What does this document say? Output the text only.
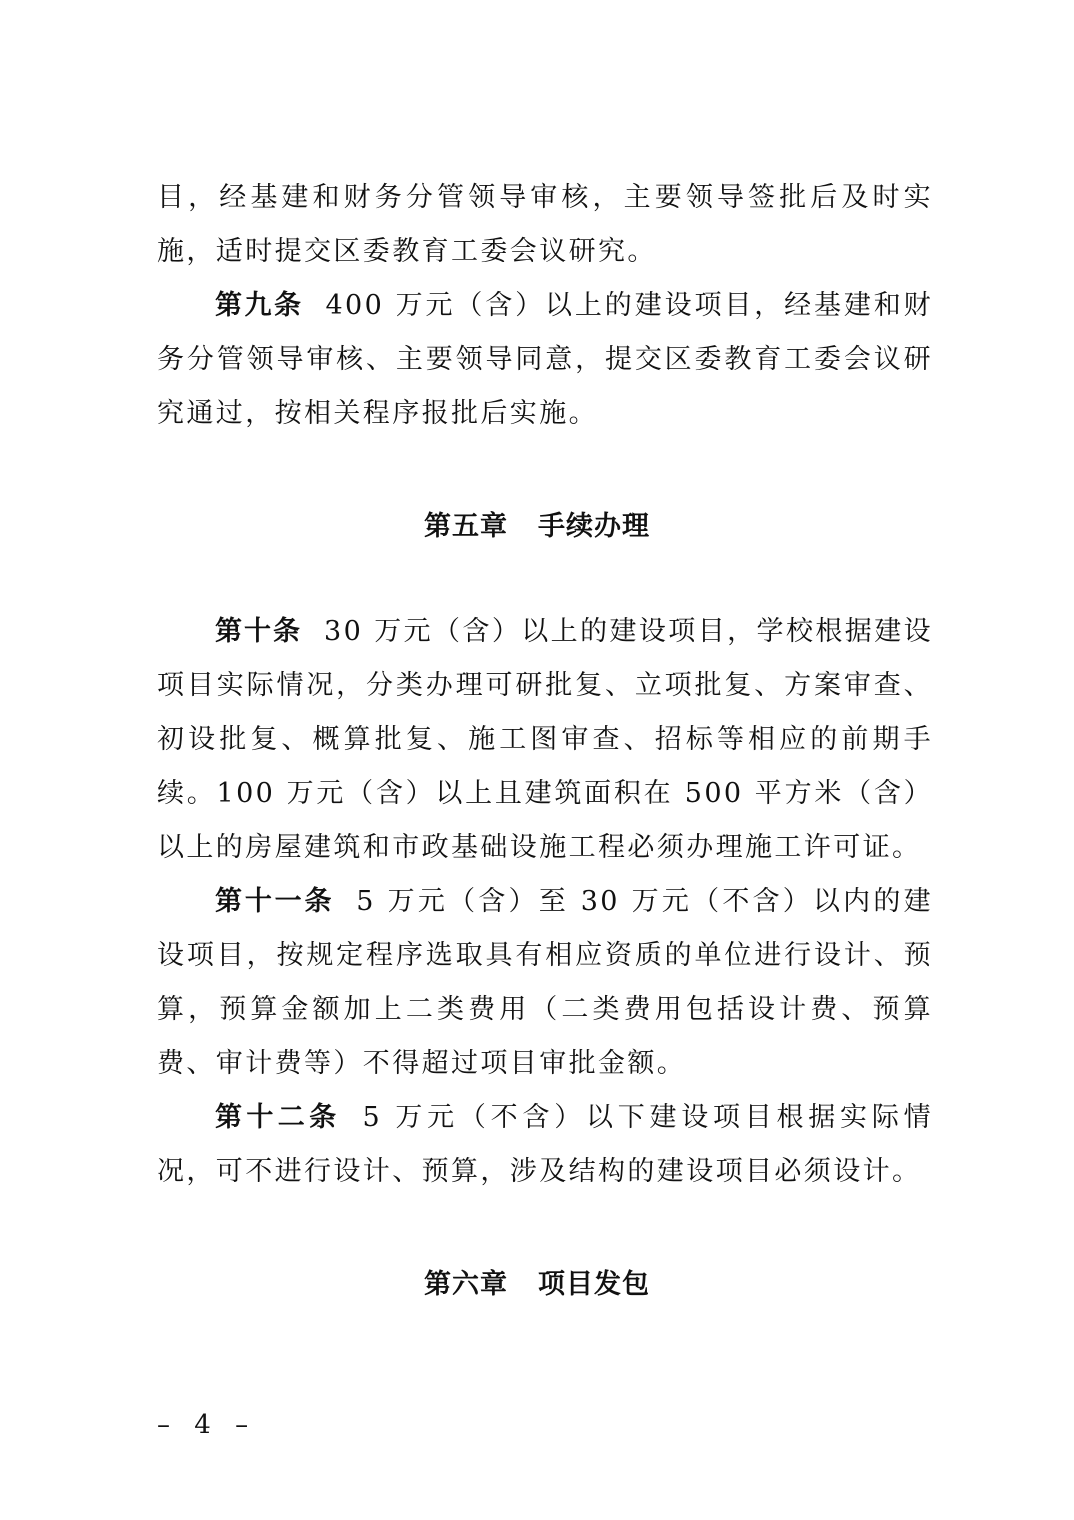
目，经基建和财务分管领导审核，主要领导签批后及时实施，适时提交区委教育工委会议研究。

第九条 400 万元（含）以上的建设项目，经基建和财务分管领导审核、主要领导同意，提交区委教育工委会议研究通过，按相关程序报批后实施。

第五章 手续办理

第十条 30 万元（含）以上的建设项目，学校根据建设项目实际情况，分类办理可研批复、立项批复、方案审查、初设批复、概算批复、施工图审查、招标等相应的前期手续。100 万元（含）以上且建筑面积在 500 平方米（含）以上的房屋建筑和市政基础设施工程必须办理施工许可证。

第十一条 5 万元（含）至 30 万元（不含）以内的建设项目，按规定程序选取具有相应资质的单位进行设计、预算，预算金额加上二类费用（二类费用包括设计费、预算费、审计费等）不得超过项目审批金额。

第十二条 5 万元（不含）以下建设项目根据实际情况，可不进行设计、预算，涉及结构的建设项目必须设计。

第六章 项目发包

– 4 –
